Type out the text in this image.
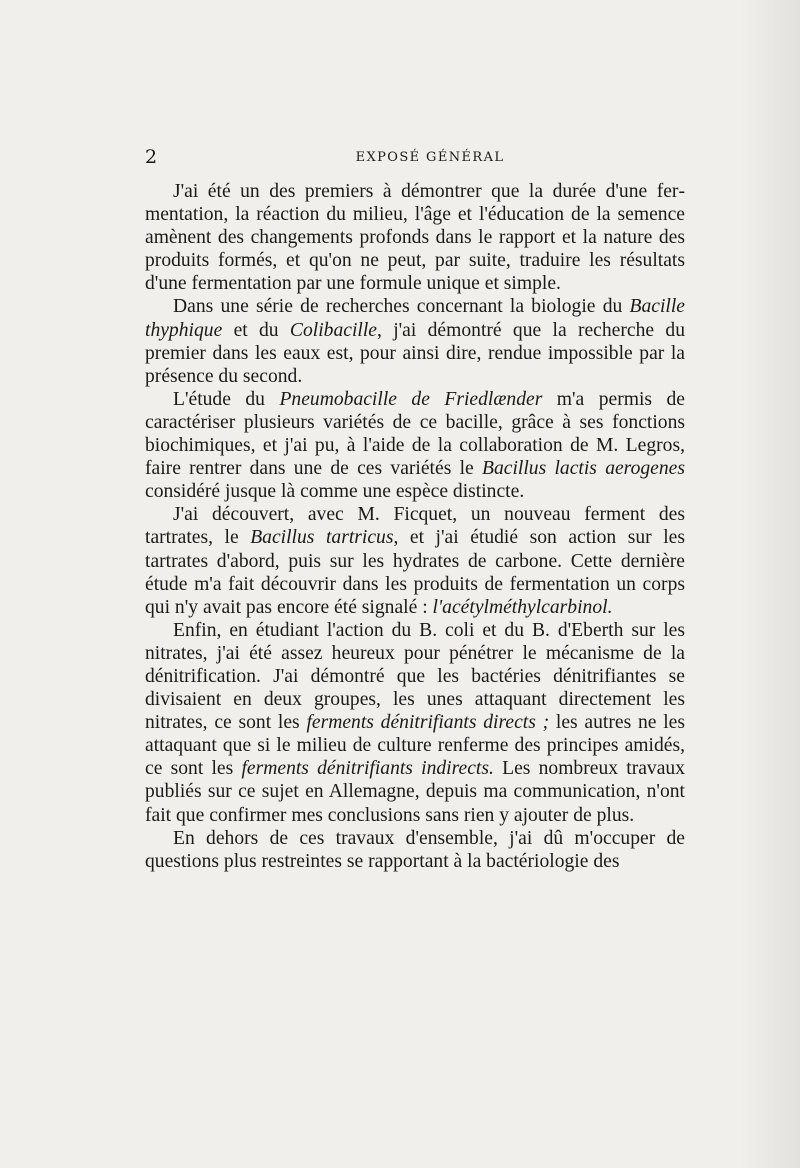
2	EXPOSÉ GÉNÉRAL

J'ai été un des premiers à démontrer que la durée d'une fermentation, la réaction du milieu, l'âge et l'éducation de la semence amènent des changements profonds dans le rapport et la nature des produits formés, et qu'on ne peut, par suite, traduire les résultats d'une fermentation par une formule unique et simple.

Dans une série de recherches concernant la biologie du Bacille thyphique et du Colibacille, j'ai démontré que la recherche du premier dans les eaux est, pour ainsi dire, rendue impossible par la présence du second.

L'étude du Pneumobacille de Friedlænder m'a permis de caractériser plusieurs variétés de ce bacille, grâce à ses fonctions biochimiques, et j'ai pu, à l'aide de la collaboration de M. Legros, faire rentrer dans une de ces variétés le Bacillus lactis aerogenes considéré jusque là comme une espèce distincte.

J'ai découvert, avec M. Ficquet, un nouveau ferment des tartrates, le Bacillus tartricus, et j'ai étudié son action sur les tartrates d'abord, puis sur les hydrates de carbone. Cette dernière étude m'a fait découvrir dans les produits de fermentation un corps qui n'y avait pas encore été signalé : l'acétylméthylcarbinol.

Enfin, en étudiant l'action du B. coli et du B. d'Eberth sur les nitrates, j'ai été assez heureux pour pénétrer le mécanisme de la dénitrification. J'ai démontré que les bactéries dénitrifiantes se divisaient en deux groupes, les unes attaquant directement les nitrates, ce sont les ferments dénitrifiants directs ; les autres ne les attaquant que si le milieu de culture renferme des principes amidés, ce sont les ferments dénitrifiants indirects. Les nombreux travaux publiés sur ce sujet en Allemagne, depuis ma communication, n'ont fait que confirmer mes conclusions sans rien y ajouter de plus.

En dehors de ces travaux d'ensemble, j'ai dû m'occuper de questions plus restreintes se rapportant à la bactériologie des
